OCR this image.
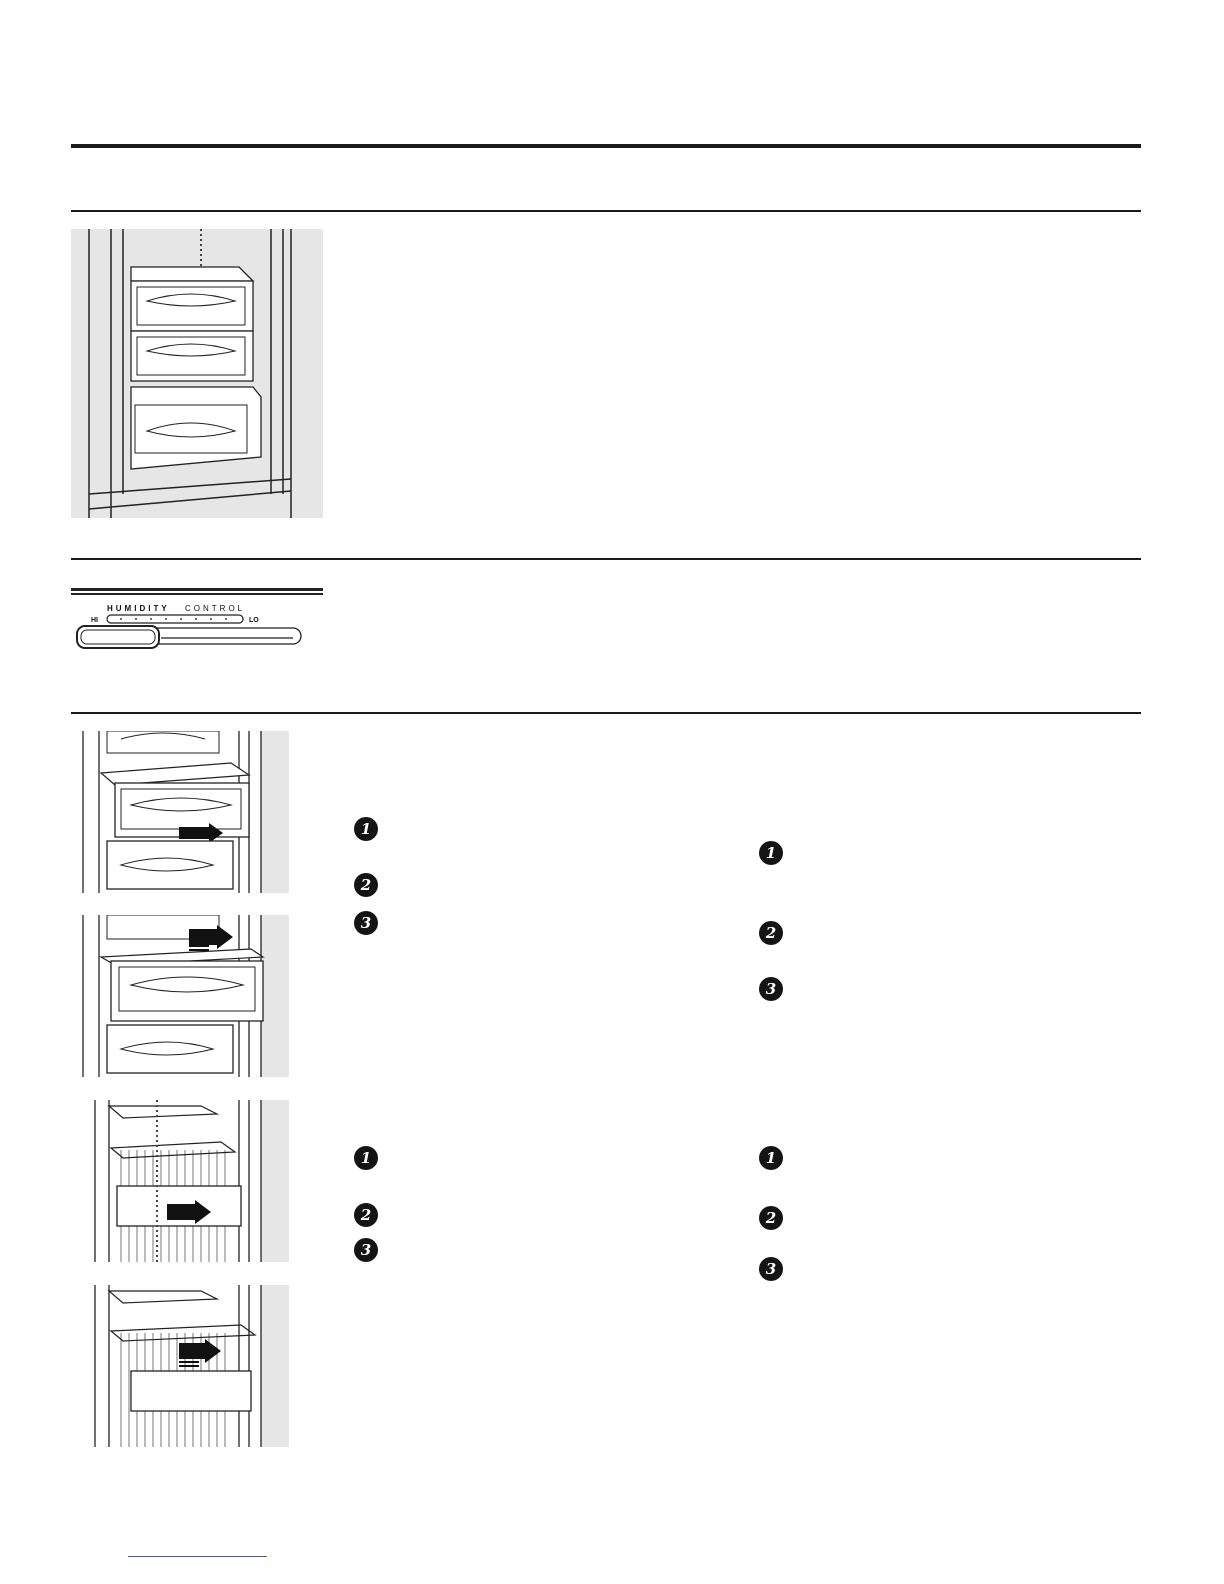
HUMIDITY CONTROL
HI	LO
1
2
3
1
2
3
1
2
3
1
2
3
